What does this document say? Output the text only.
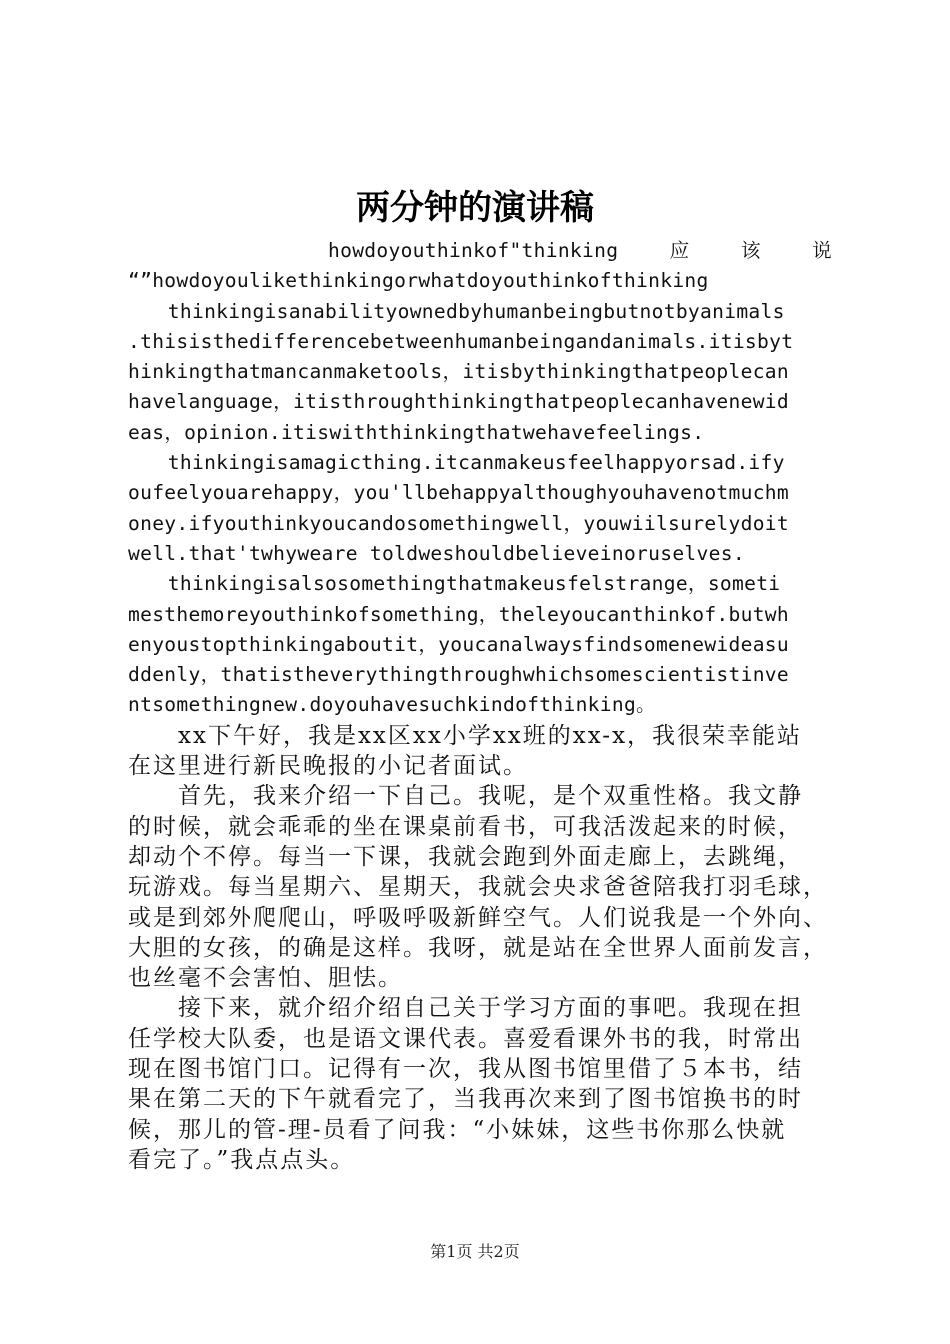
两分钟的演讲稿
howdoyouthinkof"thinking　　应　　该　　说
“”howdoyoulikethinkingorwhatdoyouthinkofthinking
　　thinkingisanabilityownedbyhumanbeingbutnotbyanimals
.thisisthedifferencebetweenhumanbeingandanimals.itisbyt
hinkingthatmancanmaketools，itisbythinkingthatpeoplecan
havelanguage，itisthroughthinkingthatpeoplecanhavenewid
eas，opinion.itiswiththinkingthatwehavefeelings.
　　thinkingisamagicthing.itcanmakeusfeelhappyorsad.ify
oufeelyouarehappy，you'llbehappyalthoughyouhavenotmuchm
oney.ifyouthinkyoucandosomethingwell，youwiilsurelydoit
well.that'twhyweare toldweshouldbelieveinoruselves.
　　thinkingisalsosomethingthatmakeusfelstrange，someti
mesthemoreyouthinkofsomething，theleyoucanthinkof.butwh
enyoustopthinkingaboutit，youcanalwaysfindsomenewideasu
ddenly，thatistheverythingthroughwhichsomescientistinve
ntsomethingnew.doyouhavesuchkindofthinking。
　　xx下午好，我是xx区xx小学xx班的xx-x，我很荣幸能站
在这里进行新民晚报的小记者面试。
　　首先，我来介绍一下自己。我呢，是个双重性格。我文静
的时候，就会乖乖的坐在课桌前看书，可我活泼起来的时候，
却动个不停。每当一下课，我就会跑到外面走廊上，去跳绳，
玩游戏。每当星期六、星期天，我就会央求爸爸陪我打羽毛球，
或是到郊外爬爬山，呼吸呼吸新鲜空气。人们说我是一个外向、
大胆的女孩，的确是这样。我呀，就是站在全世界人面前发言，
也丝毫不会害怕、胆怯。
　　接下来，就介绍介绍自己关于学习方面的事吧。我现在担
任学校大队委，也是语文课代表。喜爱看课外书的我，时常出
现在图书馆门口。记得有一次，我从图书馆里借了５本书，结
果在第二天的下午就看完了，当我再次来到了图书馆换书的时
候，那儿的管-理-员看了问我：“小妹妹，这些书你那么快就
看完了。”我点点头。
第1页 共2页
